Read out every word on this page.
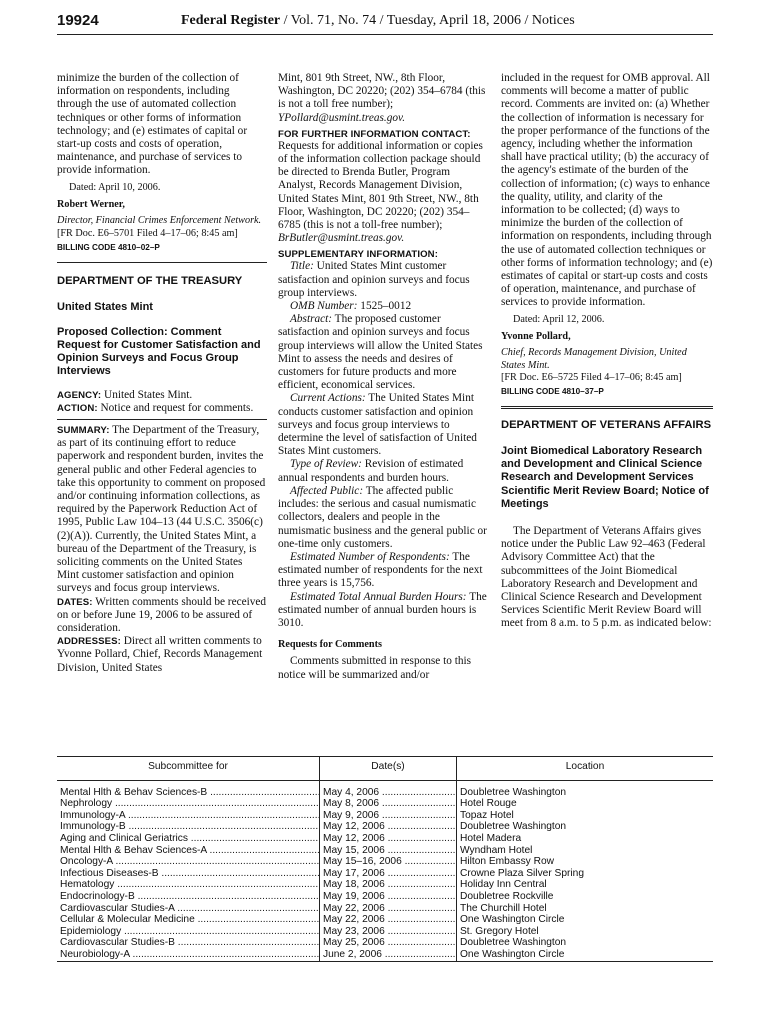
19924	Federal Register / Vol. 71, No. 74 / Tuesday, April 18, 2006 / Notices

minimize the burden of the collection of information on respondents, including through the use of automated collection techniques or other forms of information technology; and (e) estimates of capital or start-up costs and costs of operation, maintenance, and purchase of services to provide information.

Dated: April 10, 2006.

Robert Werner,

Director, Financial Crimes Enforcement Network.

[FR Doc. E6–5701 Filed 4–17–06; 8:45 am]

BILLING CODE 4810–02–P

DEPARTMENT OF THE TREASURY

United States Mint

Proposed Collection: Comment Request for Customer Satisfaction and Opinion Surveys and Focus Group Interviews

AGENCY: United States Mint.

ACTION: Notice and request for comments.

SUMMARY: The Department of the Treasury, as part of its continuing effort to reduce paperwork and respondent burden, invites the general public and other Federal agencies to take this opportunity to comment on proposed and/or continuing information collections, as required by the Paperwork Reduction Act of 1995, Public Law 104–13 (44 U.S.C. 3506(c)(2)(A)). Currently, the United States Mint, a bureau of the Department of the Treasury, is soliciting comments on the United States Mint customer satisfaction and opinion surveys and focus group interviews.

DATES: Written comments should be received on or before June 19, 2006 to be assured of consideration.

ADDRESSES: Direct all written comments to Yvonne Pollard, Chief, Records Management Division, United States

Mint, 801 9th Street, NW., 8th Floor, Washington, DC 20220; (202) 354–6784 (this is not a toll free number);

YPollard@usmint.treas.gov.

FOR FURTHER INFORMATION CONTACT:

Requests for additional information or copies of the information collection package should be directed to Brenda Butler, Program Analyst, Records Management Division, United States Mint, 801 9th Street, NW., 8th Floor, Washington, DC 20220; (202) 354–6785 (this is not a toll-free number);

BrButler@usmint.treas.gov.

SUPPLEMENTARY INFORMATION:

Title: United States Mint customer satisfaction and opinion surveys and focus group interviews.

OMB Number: 1525–0012

Abstract: The proposed customer satisfaction and opinion surveys and focus group interviews will allow the United States Mint to assess the needs and desires of customers for future products and more efficient, economical services.

Current Actions: The United States Mint conducts customer satisfaction and opinion surveys and focus group interviews to determine the level of satisfaction of United States Mint customers.

Type of Review: Revision of estimated annual respondents and burden hours.

Affected Public: The affected public includes: the serious and casual numismatic collectors, dealers and people in the numismatic business and the general public or one-time only customers.

Estimated Number of Respondents: The estimated number of respondents for the next three years is 15,756.

Estimated Total Annual Burden Hours: The estimated number of annual burden hours is 3010.

Requests for Comments

Comments submitted in response to this notice will be summarized and/or

included in the request for OMB approval. All comments will become a matter of public record. Comments are invited on: (a) Whether the collection of information is necessary for the proper performance of the functions of the agency, including whether the information shall have practical utility; (b) the accuracy of the agency's estimate of the burden of the collection of information; (c) ways to enhance the quality, utility, and clarity of the information to be collected; (d) ways to minimize the burden of the collection of information on respondents, including through the use of automated collection techniques or other forms of information technology; and (e) estimates of capital or start-up costs and costs of operation, maintenance, and purchase of services to provide information.

Dated: April 12, 2006.

Yvonne Pollard,

Chief, Records Management Division, United States Mint.

[FR Doc. E6–5725 Filed 4–17–06; 8:45 am]

BILLING CODE 4810–37–P

DEPARTMENT OF VETERANS AFFAIRS

Joint Biomedical Laboratory Research and Development and Clinical Science Research and Development Services Scientific Merit Review Board; Notice of Meetings

The Department of Veterans Affairs gives notice under the Public Law 92–463 (Federal Advisory Committee Act) that the subcommittees of the Joint Biomedical Laboratory Research and Development and Clinical Science Research and Development Services Scientific Merit Review Board will meet from 8 a.m. to 5 p.m. as indicated below:

Subcommittee for	Date(s)	Location
Mental Hlth & Behav Sciences-B .....	May 4, 2006 .....	Doubletree Washington
Nephrology .....	May 8, 2006 .....	Hotel Rouge
Immunology-A .....	May 9, 2006 .....	Topaz Hotel
Immunology-B .....	May 12, 2006 .....	Doubletree Washington
Aging and Clinical Geriatrics .....	May 12, 2006 .....	Hotel Madera
Mental Hlth & Behav Sciences-A .....	May 15, 2006 .....	Wyndham Hotel
Oncology-A .....	May 15–16, 2006 .....	Hilton Embassy Row
Infectious Diseases-B .....	May 17, 2006 .....	Crowne Plaza Silver Spring
Hematology .....	May 18, 2006 .....	Holiday Inn Central
Endocrinology-B .....	May 19, 2006 .....	Doubletree Rockville
Cardiovascular Studies-A .....	May 22, 2006 .....	The Churchill Hotel
Cellular & Molecular Medicine .....	May 22, 2006 .....	One Washington Circle
Epidemiology .....	May 23, 2006 .....	St. Gregory Hotel
Cardiovascular Studies-B .....	May 25, 2006 .....	Doubletree Washington
Neurobiology-A .....	June 2, 2006 .....	One Washington Circle
